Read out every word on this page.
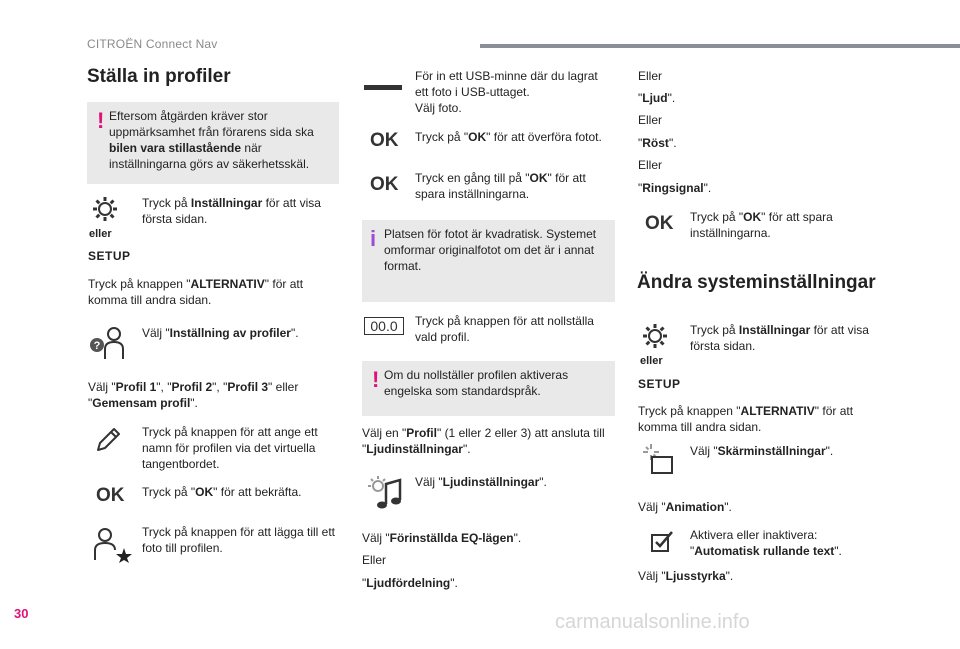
CITROËN Connect Nav
Ställa in profiler
! Eftersom åtgärden kräver stor uppmärksamhet från förarens sida ska bilen vara stillastående när inställningarna görs av säkerhetsskäl.
eller
SETUP
Tryck på Inställningar för att visa första sidan.
Tryck på knappen "ALTERNATIV" för att komma till andra sidan.
?
Välj "Inställning av profiler".
Välj "Profil 1", "Profil 2", "Profil 3" eller "Gemensam profil".
Tryck på knappen för att ange ett namn för profilen via det virtuella tangentbordet.
OK Tryck på "OK" för att bekräfta.
Tryck på knappen för att lägga till ett foto till profilen.
För in ett USB-minne där du lagrat ett foto i USB-uttaget.
Välj foto.
OK Tryck på "OK" för att överföra fotot.
OK Tryck en gång till på "OK" för att spara inställningarna.
i Platsen för fotot är kvadratisk. Systemet omformar originalfotot om det är i annat format.
00.0	Tryck på knappen för att nollställa vald profil.
! Om du nollställer profilen aktiveras engelska som standardspråk.
Välj en "Profil" (1 eller 2 eller 3) att ansluta till "Ljudinställningar".
Välj "Ljudinställningar".
Välj "Förinställda EQ-lägen".
Eller
"Ljudfördelning".
Eller
"Ljud".
Eller
"Röst".
Eller
"Ringsignal".
OK Tryck på "OK" för att spara inställningarna.
Ändra systeminställningar
eller
SETUP
Tryck på Inställningar för att visa första sidan.
Tryck på knappen "ALTERNATIV" för att komma till andra sidan.
Välj "Skärminställningar".
Välj "Animation".
Aktivera eller inaktivera: "Automatisk rullande text".
Välj "Ljusstyrka".
30	carmanualsonline.info
